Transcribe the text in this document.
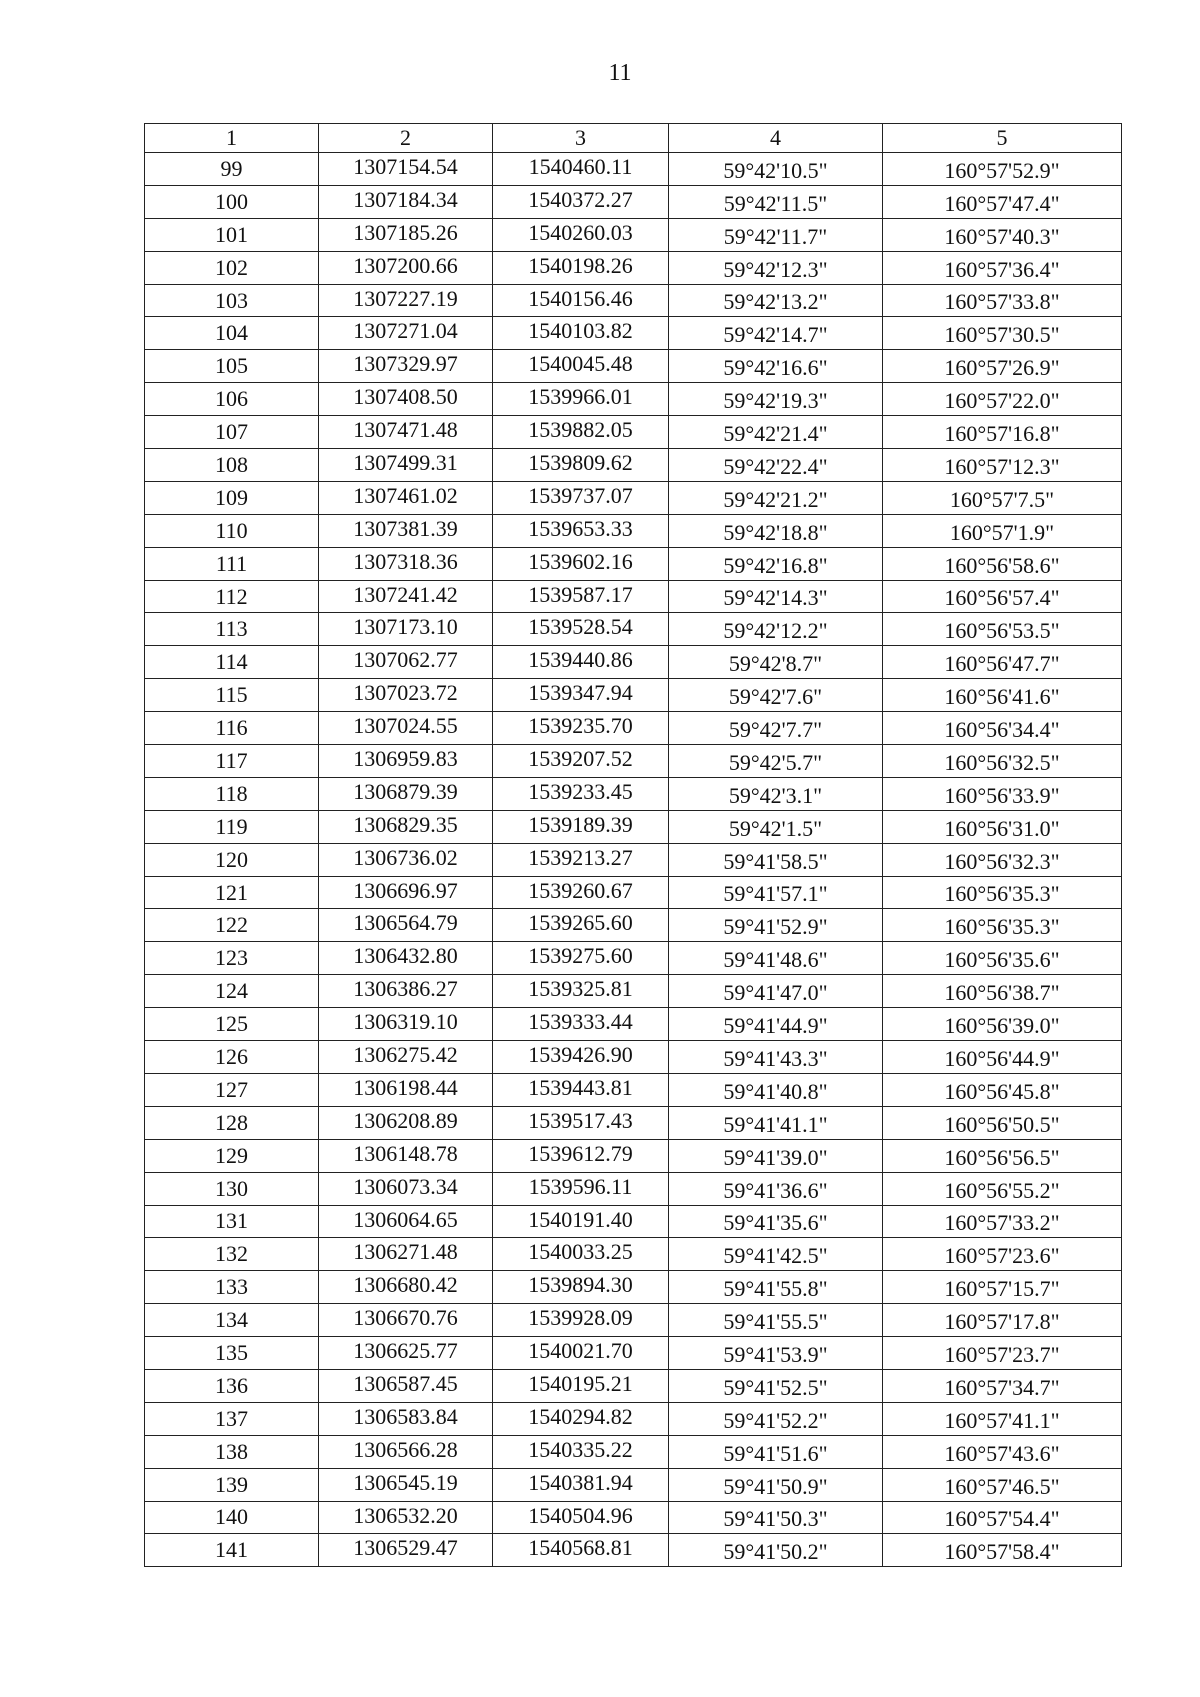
11
1	2	3	4	5
99	1307154.54	1540460.11	59°42'10.5"	160°57'52.9"
100	1307184.34	1540372.27	59°42'11.5"	160°57'47.4"
101	1307185.26	1540260.03	59°42'11.7"	160°57'40.3"
102	1307200.66	1540198.26	59°42'12.3"	160°57'36.4"
103	1307227.19	1540156.46	59°42'13.2"	160°57'33.8"
104	1307271.04	1540103.82	59°42'14.7"	160°57'30.5"
105	1307329.97	1540045.48	59°42'16.6"	160°57'26.9"
106	1307408.50	1539966.01	59°42'19.3"	160°57'22.0"
107	1307471.48	1539882.05	59°42'21.4"	160°57'16.8"
108	1307499.31	1539809.62	59°42'22.4"	160°57'12.3"
109	1307461.02	1539737.07	59°42'21.2"	160°57'7.5"
110	1307381.39	1539653.33	59°42'18.8"	160°57'1.9"
111	1307318.36	1539602.16	59°42'16.8"	160°56'58.6"
112	1307241.42	1539587.17	59°42'14.3"	160°56'57.4"
113	1307173.10	1539528.54	59°42'12.2"	160°56'53.5"
114	1307062.77	1539440.86	59°42'8.7"	160°56'47.7"
115	1307023.72	1539347.94	59°42'7.6"	160°56'41.6"
116	1307024.55	1539235.70	59°42'7.7"	160°56'34.4"
117	1306959.83	1539207.52	59°42'5.7"	160°56'32.5"
118	1306879.39	1539233.45	59°42'3.1"	160°56'33.9"
119	1306829.35	1539189.39	59°42'1.5"	160°56'31.0"
120	1306736.02	1539213.27	59°41'58.5"	160°56'32.3"
121	1306696.97	1539260.67	59°41'57.1"	160°56'35.3"
122	1306564.79	1539265.60	59°41'52.9"	160°56'35.3"
123	1306432.80	1539275.60	59°41'48.6"	160°56'35.6"
124	1306386.27	1539325.81	59°41'47.0"	160°56'38.7"
125	1306319.10	1539333.44	59°41'44.9"	160°56'39.0"
126	1306275.42	1539426.90	59°41'43.3"	160°56'44.9"
127	1306198.44	1539443.81	59°41'40.8"	160°56'45.8"
128	1306208.89	1539517.43	59°41'41.1"	160°56'50.5"
129	1306148.78	1539612.79	59°41'39.0"	160°56'56.5"
130	1306073.34	1539596.11	59°41'36.6"	160°56'55.2"
131	1306064.65	1540191.40	59°41'35.6"	160°57'33.2"
132	1306271.48	1540033.25	59°41'42.5"	160°57'23.6"
133	1306680.42	1539894.30	59°41'55.8"	160°57'15.7"
134	1306670.76	1539928.09	59°41'55.5"	160°57'17.8"
135	1306625.77	1540021.70	59°41'53.9"	160°57'23.7"
136	1306587.45	1540195.21	59°41'52.5"	160°57'34.7"
137	1306583.84	1540294.82	59°41'52.2"	160°57'41.1"
138	1306566.28	1540335.22	59°41'51.6"	160°57'43.6"
139	1306545.19	1540381.94	59°41'50.9"	160°57'46.5"
140	1306532.20	1540504.96	59°41'50.3"	160°57'54.4"
141	1306529.47	1540568.81	59°41'50.2"	160°57'58.4"
